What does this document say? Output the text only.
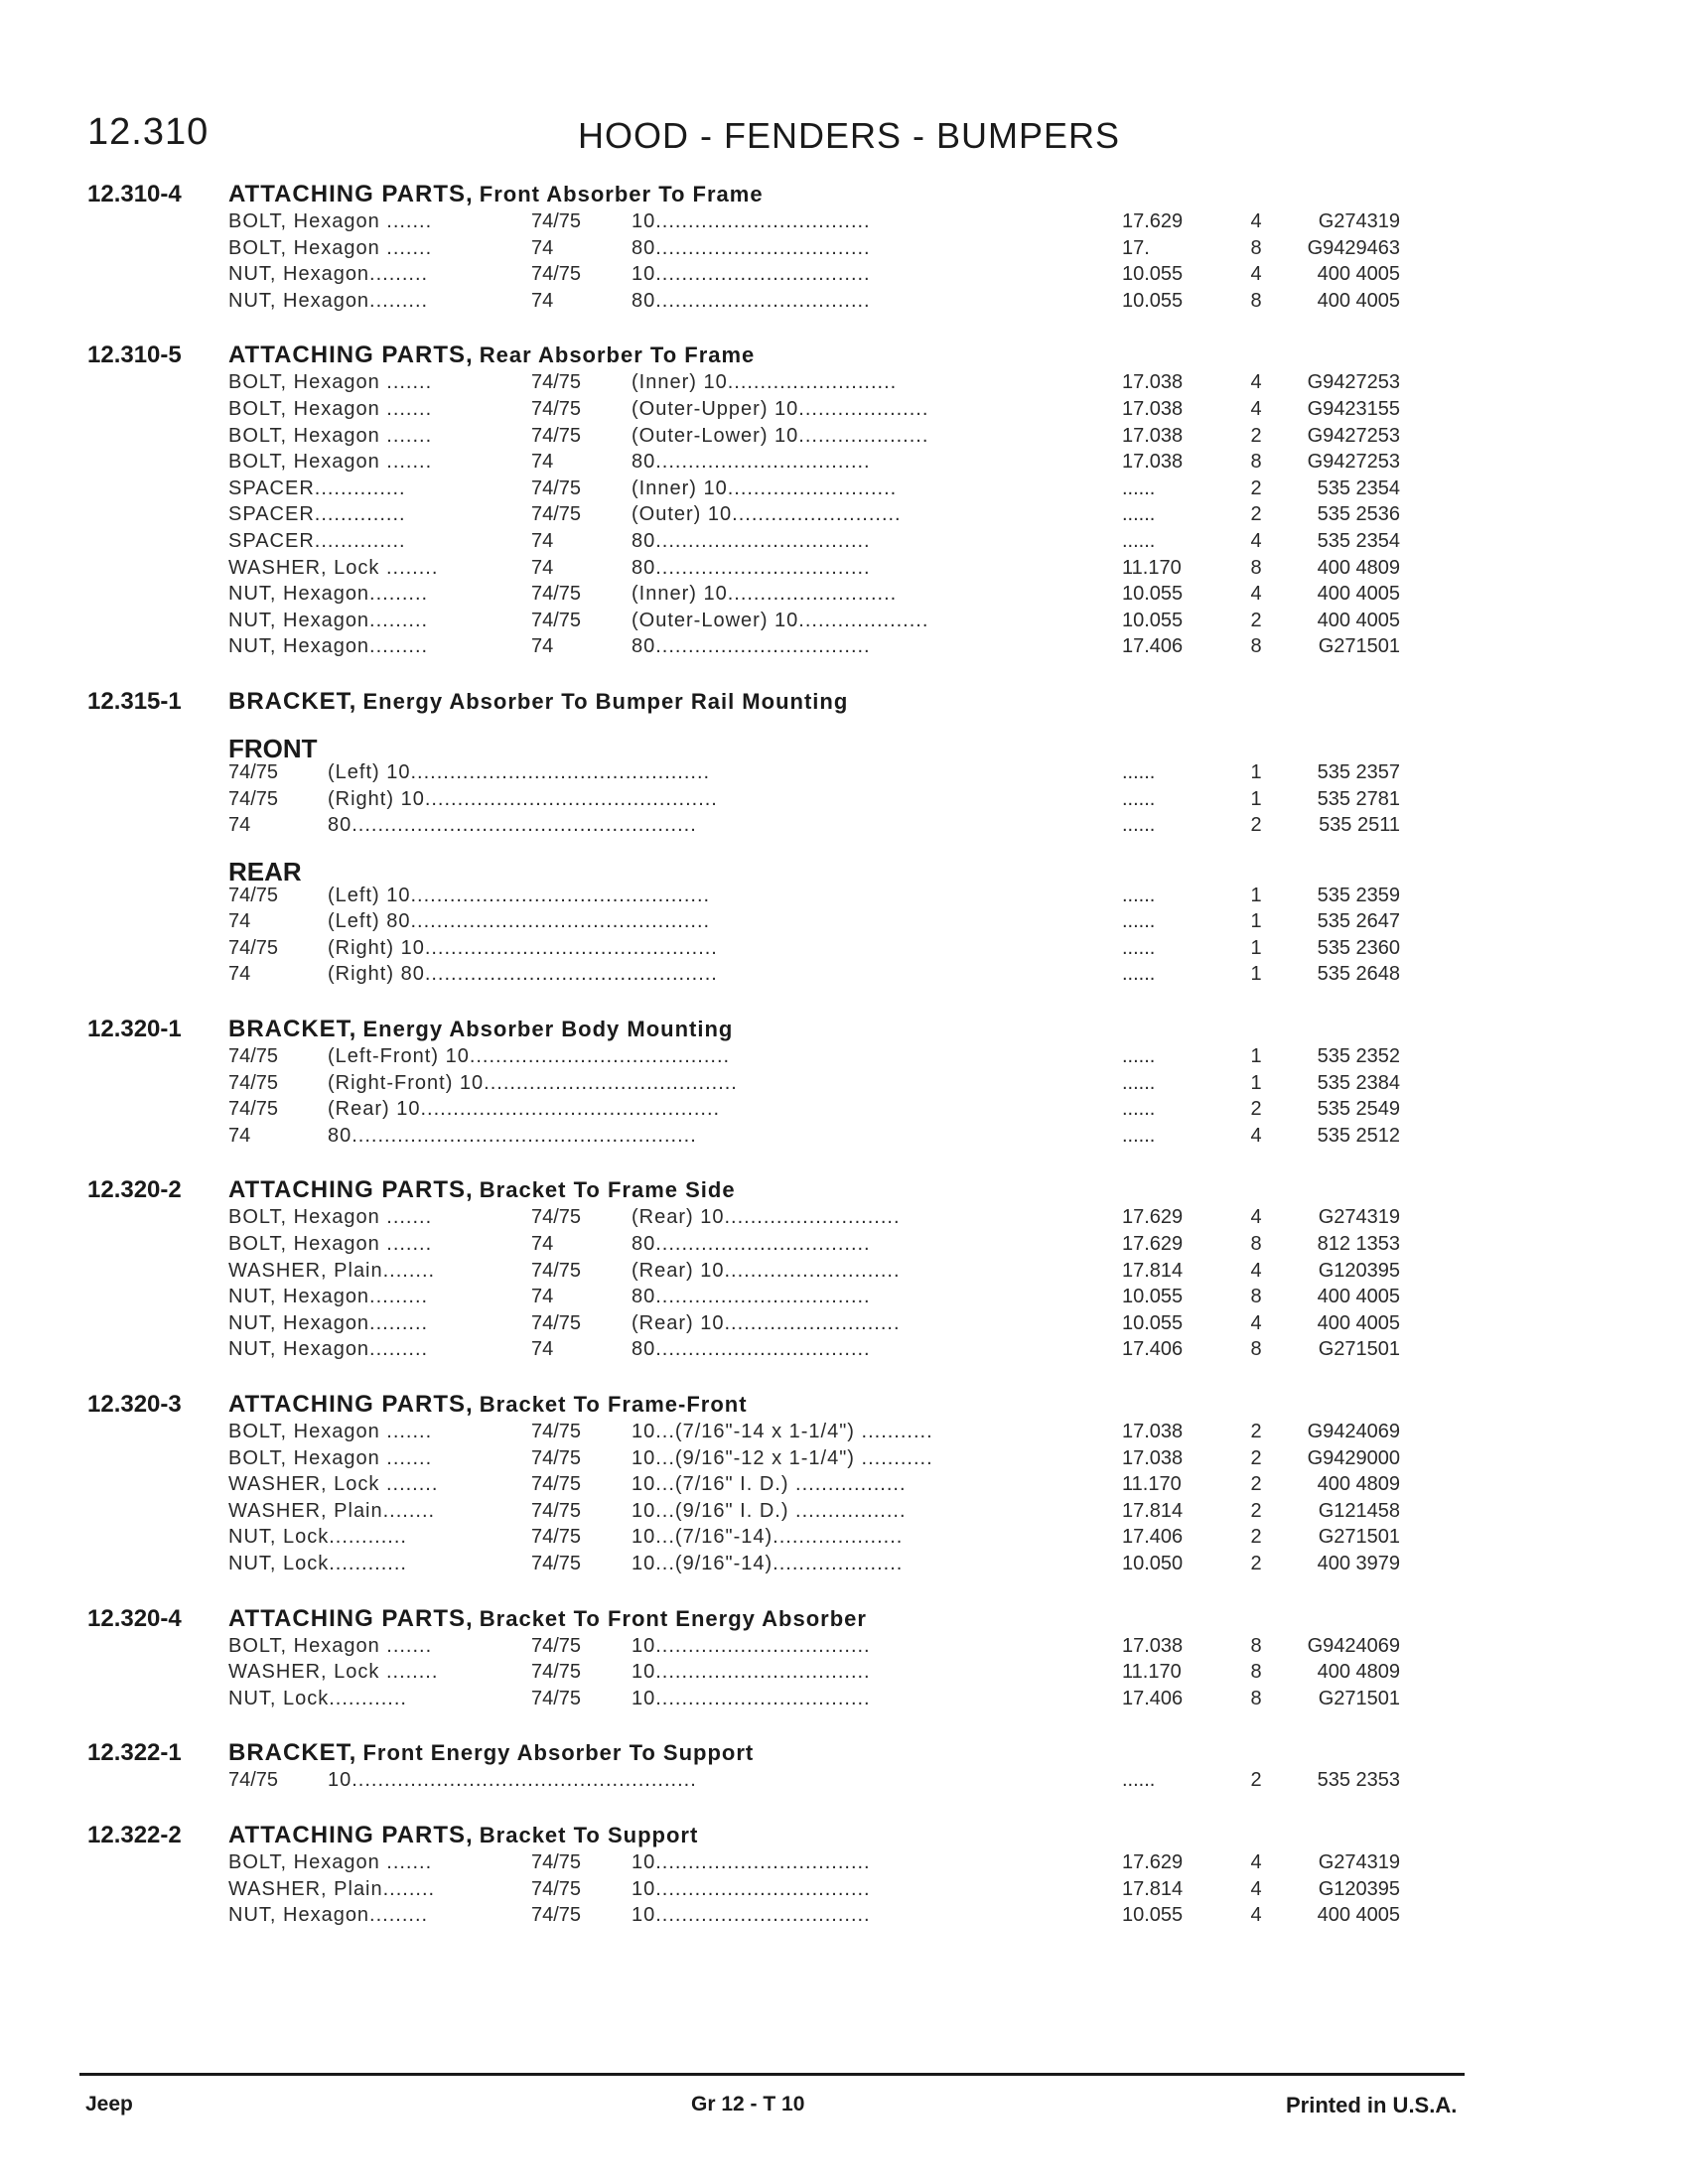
12.310	HOOD - FENDERS - BUMPERS
12.310-4 ATTACHING PARTS, Front Absorber To Frame
BOLT, Hexagon .......	74/75	10.................................	17.629	4	G274319
BOLT, Hexagon .......	74	80.................................	17.	8	G9429463
NUT, Hexagon.........	74/75	10.................................	10.055	4	400 4005
NUT, Hexagon.........	74	80.................................	10.055	8	400 4005
12.310-5 ATTACHING PARTS, Rear Absorber To Frame
BOLT, Hexagon .......	74/75	(Inner) 10..........................	17.038	4	G9427253
BOLT, Hexagon .......	74/75	(Outer-Upper) 10....................	17.038	4	G9423155
BOLT, Hexagon .......	74/75	(Outer-Lower) 10....................	17.038	2	G9427253
BOLT, Hexagon .......	74	80.................................	17.038	8	G9427253
SPACER..............	74/75	(Inner) 10..........................	......	2	535 2354
SPACER..............	74/75	(Outer) 10..........................	......	2	535 2536
SPACER..............	74	80.................................	......	4	535 2354
WASHER, Lock ........	74	80.................................	11.170	8	400 4809
NUT, Hexagon.........	74/75	(Inner) 10..........................	10.055	4	400 4005
NUT, Hexagon.........	74/75	(Outer-Lower) 10....................	10.055	2	400 4005
NUT, Hexagon.........	74	80.................................	17.406	8	G271501
12.315-1 BRACKET, Energy Absorber To Bumper Rail Mounting
FRONT
74/75	(Left) 10..............................................	......	1	535 2357
74/75	(Right) 10.............................................	......	1	535 2781
74	80.....................................................	......	2	535 2511
REAR
74/75	(Left) 10..............................................	......	1	535 2359
74	(Left) 80..............................................	......	1	535 2647
74/75	(Right) 10.............................................	......	1	535 2360
74	(Right) 80.............................................	......	1	535 2648
12.320-1 BRACKET, Energy Absorber Body Mounting
74/75	(Left-Front) 10........................................	......	1	535 2352
74/75	(Right-Front) 10.......................................	......	1	535 2384
74/75	(Rear) 10..............................................	......	2	535 2549
74	80.....................................................	......	4	535 2512
12.320-2 ATTACHING PARTS, Bracket To Frame Side
BOLT, Hexagon .......	74/75	(Rear) 10...........................	17.629	4	G274319
BOLT, Hexagon .......	74	80.................................	17.629	8	812 1353
WASHER, Plain........	74/75	(Rear) 10...........................	17.814	4	G120395
NUT, Hexagon.........	74	80.................................	10.055	8	400 4005
NUT, Hexagon.........	74/75	(Rear) 10...........................	10.055	4	400 4005
NUT, Hexagon.........	74	80.................................	17.406	8	G271501
12.320-3 ATTACHING PARTS, Bracket To Frame-Front
BOLT, Hexagon .......	74/75	10...(7/16"-14 x 1-1/4") ...........	17.038	2	G9424069
BOLT, Hexagon .......	74/75	10...(9/16"-12 x 1-1/4") ...........	17.038	2	G9429000
WASHER, Lock ........	74/75	10...(7/16" I. D.) .................	11.170	2	400 4809
WASHER, Plain........	74/75	10...(9/16" I. D.) .................	17.814	2	G121458
NUT, Lock............	74/75	10...(7/16"-14)....................	17.406	2	G271501
NUT, Lock............	74/75	10...(9/16"-14)....................	10.050	2	400 3979
12.320-4 ATTACHING PARTS, Bracket To Front Energy Absorber
BOLT, Hexagon .......	74/75	10.................................	17.038	8	G9424069
WASHER, Lock ........	74/75	10.................................	11.170	8	400 4809
NUT, Lock............	74/75	10.................................	17.406	8	G271501
12.322-1 BRACKET, Front Energy Absorber To Support
74/75	10.....................................................	......	2	535 2353
12.322-2 ATTACHING PARTS, Bracket To Support
BOLT, Hexagon .......	74/75	10.................................	17.629	4	G274319
WASHER, Plain........	74/75	10.................................	17.814	4	G120395
NUT, Hexagon.........	74/75	10.................................	10.055	4	400 4005
Jeep	Gr 12 - T 10	Printed in U.S.A.
